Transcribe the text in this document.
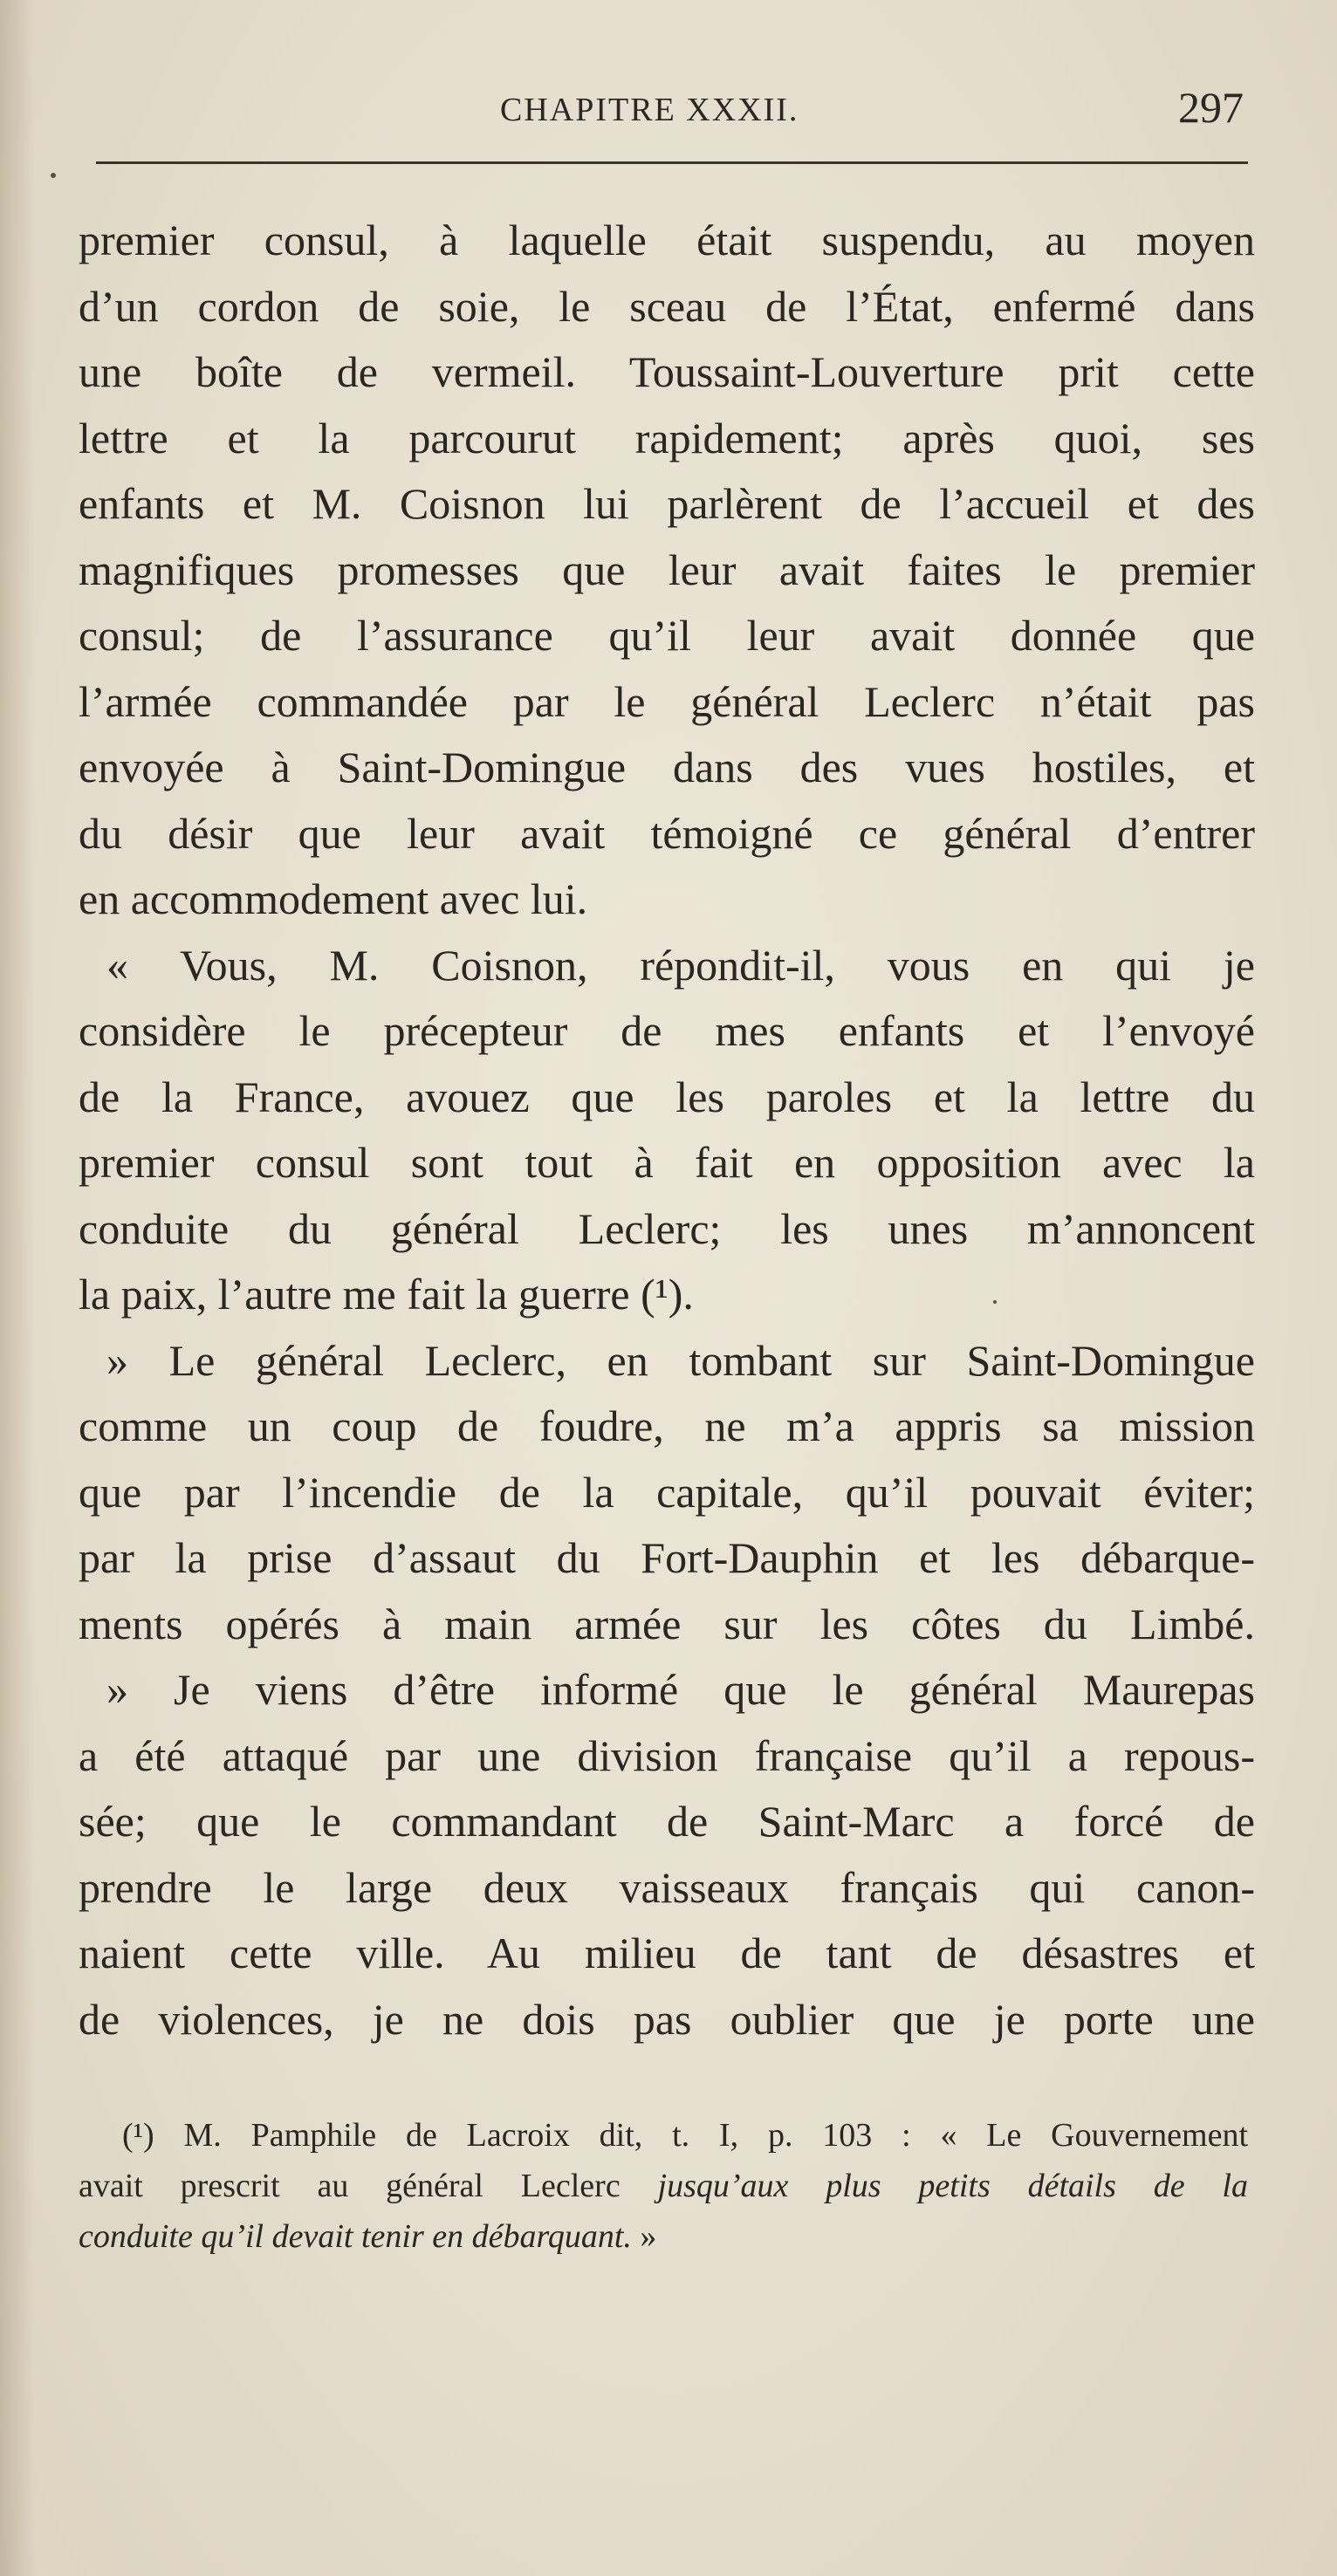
CHAPITRE XXXII.	297
premier consul, à laquelle était suspendu, au moyen
d’un cordon de soie, le sceau de l’État, enfermé dans
une boîte de vermeil. Toussaint-Louverture prit cette
lettre et la parcourut rapidement; après quoi, ses
enfants et M. Coisnon lui parlèrent de l’accueil et des
magnifiques promesses que leur avait faites le premier
consul; de l’assurance qu’il leur avait donnée que
l’armée commandée par le général Leclerc n’était pas
envoyée à Saint-Domingue dans des vues hostiles, et
du désir que leur avait témoigné ce général d’entrer
en accommodement avec lui.
« Vous, M. Coisnon, répondit-il, vous en qui je
considère le précepteur de mes enfants et l’envoyé
de la France, avouez que les paroles et la lettre du
premier consul sont tout à fait en opposition avec la
conduite du général Leclerc; les unes m’annoncent
la paix, l’autre me fait la guerre (¹).
» Le général Leclerc, en tombant sur Saint-Domingue
comme un coup de foudre, ne m’a appris sa mission
que par l’incendie de la capitale, qu’il pouvait éviter;
par la prise d’assaut du Fort-Dauphin et les débarque-
ments opérés à main armée sur les côtes du Limbé.
» Je viens d’être informé que le général Maurepas
a été attaqué par une division française qu’il a repous-
sée; que le commandant de Saint-Marc a forcé de
prendre le large deux vaisseaux français qui canon-
naient cette ville. Au milieu de tant de désastres et
de violences, je ne dois pas oublier que je porte une
(¹) M. Pamphile de Lacroix dit, t. I, p. 103 : « Le Gouvernement
avait prescrit au général Leclerc jusqu’aux plus petits détails de la
conduite qu’il devait tenir en débarquant. »
